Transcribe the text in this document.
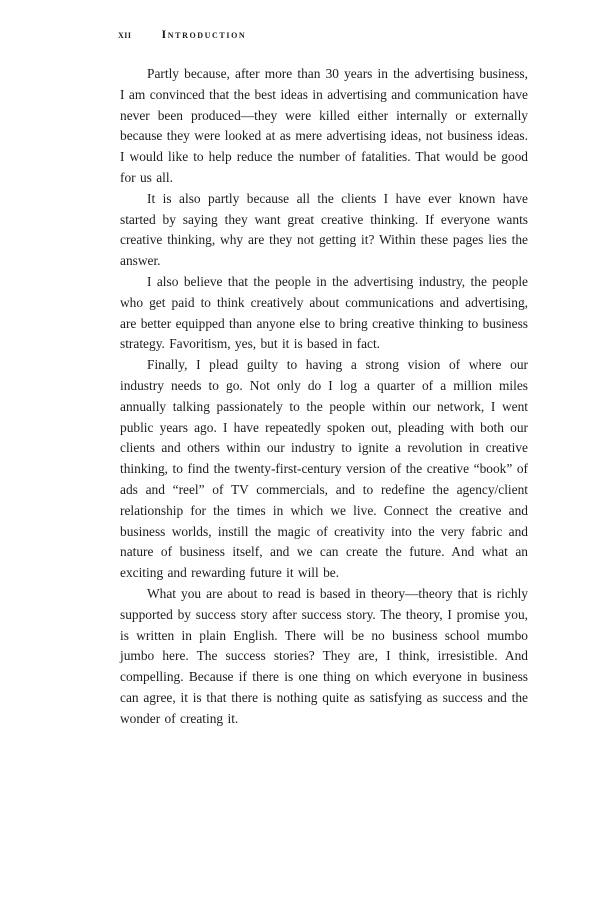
xii	Introduction

Partly because, after more than 30 years in the advertising business, I am convinced that the best ideas in advertising and communication have never been produced—they were killed either internally or externally because they were looked at as mere advertising ideas, not business ideas. I would like to help reduce the number of fatalities. That would be good for us all.

It is also partly because all the clients I have ever known have started by saying they want great creative thinking. If everyone wants creative thinking, why are they not getting it? Within these pages lies the answer.

I also believe that the people in the advertising industry, the people who get paid to think creatively about communications and advertising, are better equipped than anyone else to bring creative thinking to business strategy. Favoritism, yes, but it is based in fact.

Finally, I plead guilty to having a strong vision of where our industry needs to go. Not only do I log a quarter of a million miles annually talking passionately to the people within our network, I went public years ago. I have repeatedly spoken out, pleading with both our clients and others within our industry to ignite a revolution in creative thinking, to find the twenty-first-century version of the creative “book” of ads and “reel” of TV commercials, and to redefine the agency/client relationship for the times in which we live. Connect the creative and business worlds, instill the magic of creativity into the very fabric and nature of business itself, and we can create the future. And what an exciting and rewarding future it will be.

What you are about to read is based in theory—theory that is richly supported by success story after success story. The theory, I promise you, is written in plain English. There will be no business school mumbo jumbo here. The success stories? They are, I think, irresistible. And compelling. Because if there is one thing on which everyone in business can agree, it is that there is nothing quite as satisfying as success and the wonder of creating it.
